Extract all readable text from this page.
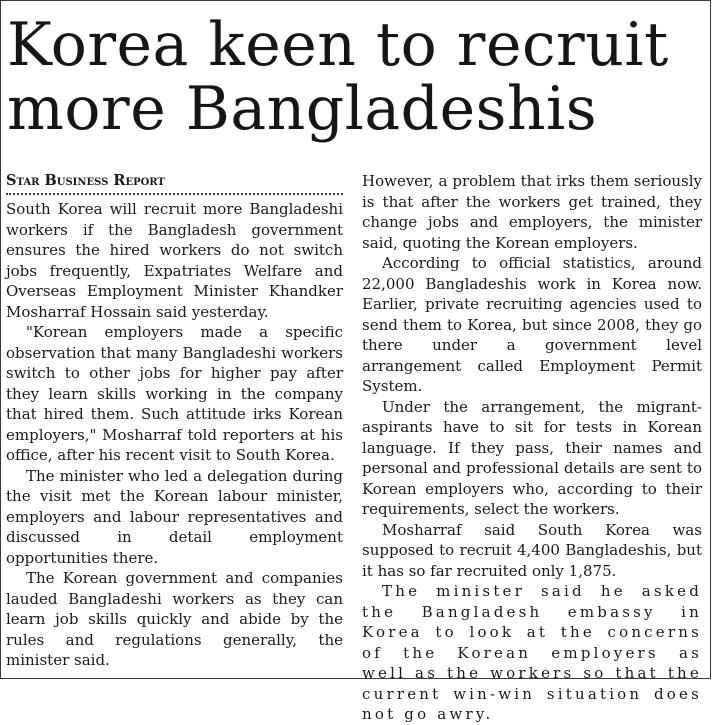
Korea keen to recruit
more Bangladeshis
Star Business Report

South Korea will recruit more Bangladeshi workers if the Bangladesh government ensures the hired workers do not switch jobs frequently, Expatriates Welfare and Overseas Employment Minister Khandker Mosharraf Hossain said yesterday.

"Korean employers made a specific observation that many Bangladeshi workers switch to other jobs for higher pay after they learn skills working in the company that hired them. Such attitude irks Korean employers," Mosharraf told reporters at his office, after his recent visit to South Korea.

The minister who led a delegation during the visit met the Korean labour minister, employers and labour representatives and discussed in detail employment opportunities there.

The Korean government and companies lauded Bangladeshi workers as they can learn job skills quickly and abide by the rules and regulations generally, the minister said.

However, a problem that irks them seriously is that after the workers get trained, they change jobs and employers, the minister said, quoting the Korean employers.

According to official statistics, around 22,000 Bangladeshis work in Korea now. Earlier, private recruiting agencies used to send them to Korea, but since 2008, they go there under a government level arrangement called Employment Permit System.

Under the arrangement, the migrant-aspirants have to sit for tests in Korean language. If they pass, their names and personal and professional details are sent to Korean employers who, according to their requirements, select the workers.

Mosharraf said South Korea was supposed to recruit 4,400 Bangladeshis, but it has so far recruited only 1,875.

The minister said he asked the Bangladesh embassy in Korea to look at the concerns of the Korean employers as well as the workers so that the current win-win situation does not go awry.
